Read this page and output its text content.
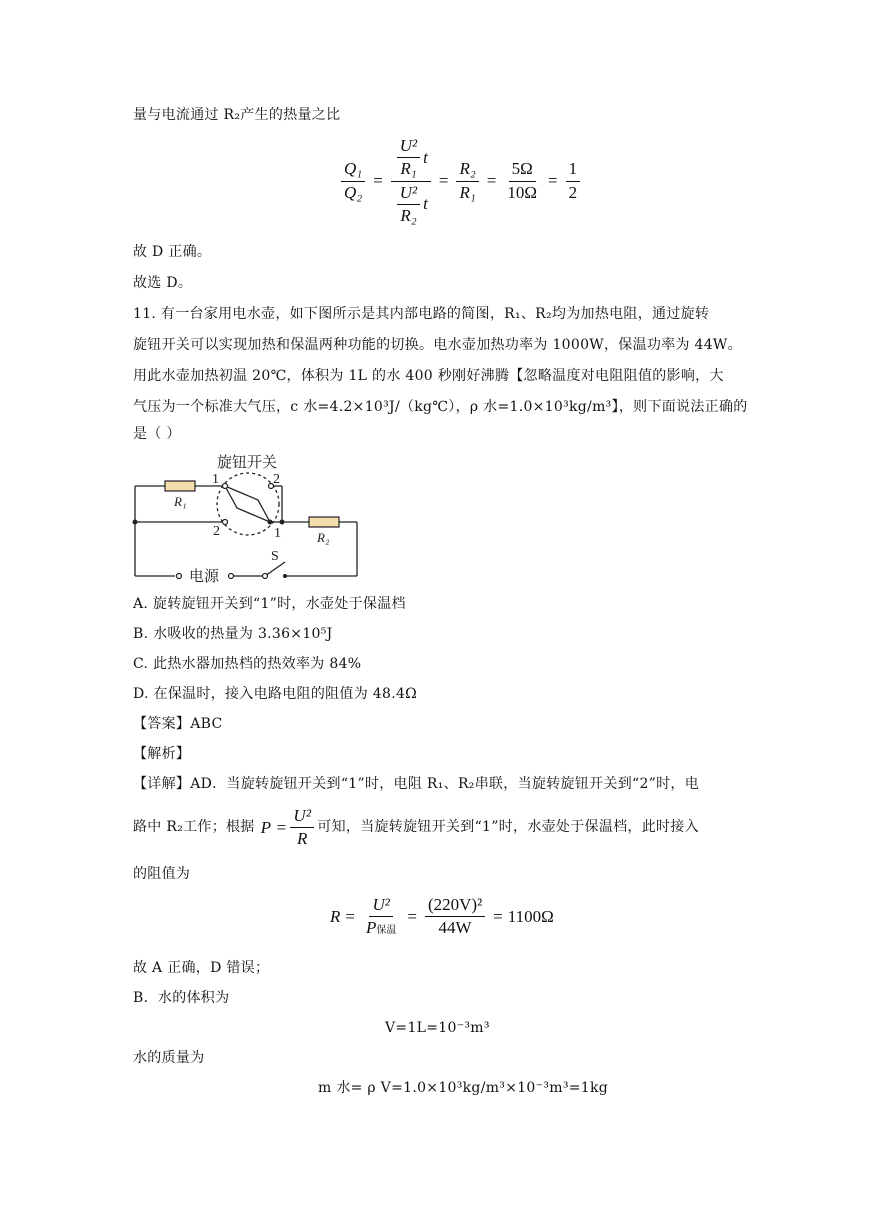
量与电流通过 R₂产生的热量之比
$\frac{\text{Q₁}}{\text{Q₂}} = \frac{\frac{\text{U²}}{\text{R₁}} t}{\frac{\text{U²}}{\text{R₂}} t} = \frac{\text{R₂}}{\text{R₁}} = \frac{5\Omega}{10\Omega} = \frac{1}{2}$
故 D 正确。
故选 D。
11. 有一台家用电水壶，如下图所示是其内部电路的简图，R₁、R₂均为加热电阻，通过旋转
旋钮开关可以实现加热和保温两种功能的切换。电水壶加热功率为 1000W，保温功率为 44W。
用此水壶加热初温 20℃，体积为 1L 的水 400 秒刚好沸腾【忽略温度对电阻阻值的影响，大
气压为一个标准大气压，c 水=4.2×10³J/（kg℃），ρ 水=1.0×10³kg/m³】，则下面说法正确的
是（ ）
旋钮开关
1	2
2	1
R₁
R₂
电源
S
A. 旋转旋钮开关到“1”时，水壶处于保温档
B. 水吸收的热量为 3.36×10⁵J
C. 此热水器加热档的热效率为 84%
D. 在保温时，接入电路电阻的阻值为 48.4Ω
【答案】ABC
【解析】
【详解】AD．当旋转旋钮开关到“1”时，电阻 R₁、R₂串联，当旋转旋钮开关到“2”时，电
路中 R₂工作；根据 $P = \frac{\text{U²}}{R}$ 可知，当旋转旋钮开关到“1”时，水壶处于保温档，此时接入
的阻值为
$R = \frac{\text{U²}}{\text{P保温}} = \frac{\text{(220V)²}}{44W} = 1100\Omega$
故 A 正确，D 错误；
B．水的体积为
V=1L=10⁻³m³
水的质量为
m 水= ρ V=1.0×10³kg/m³×10⁻³m³=1kg
